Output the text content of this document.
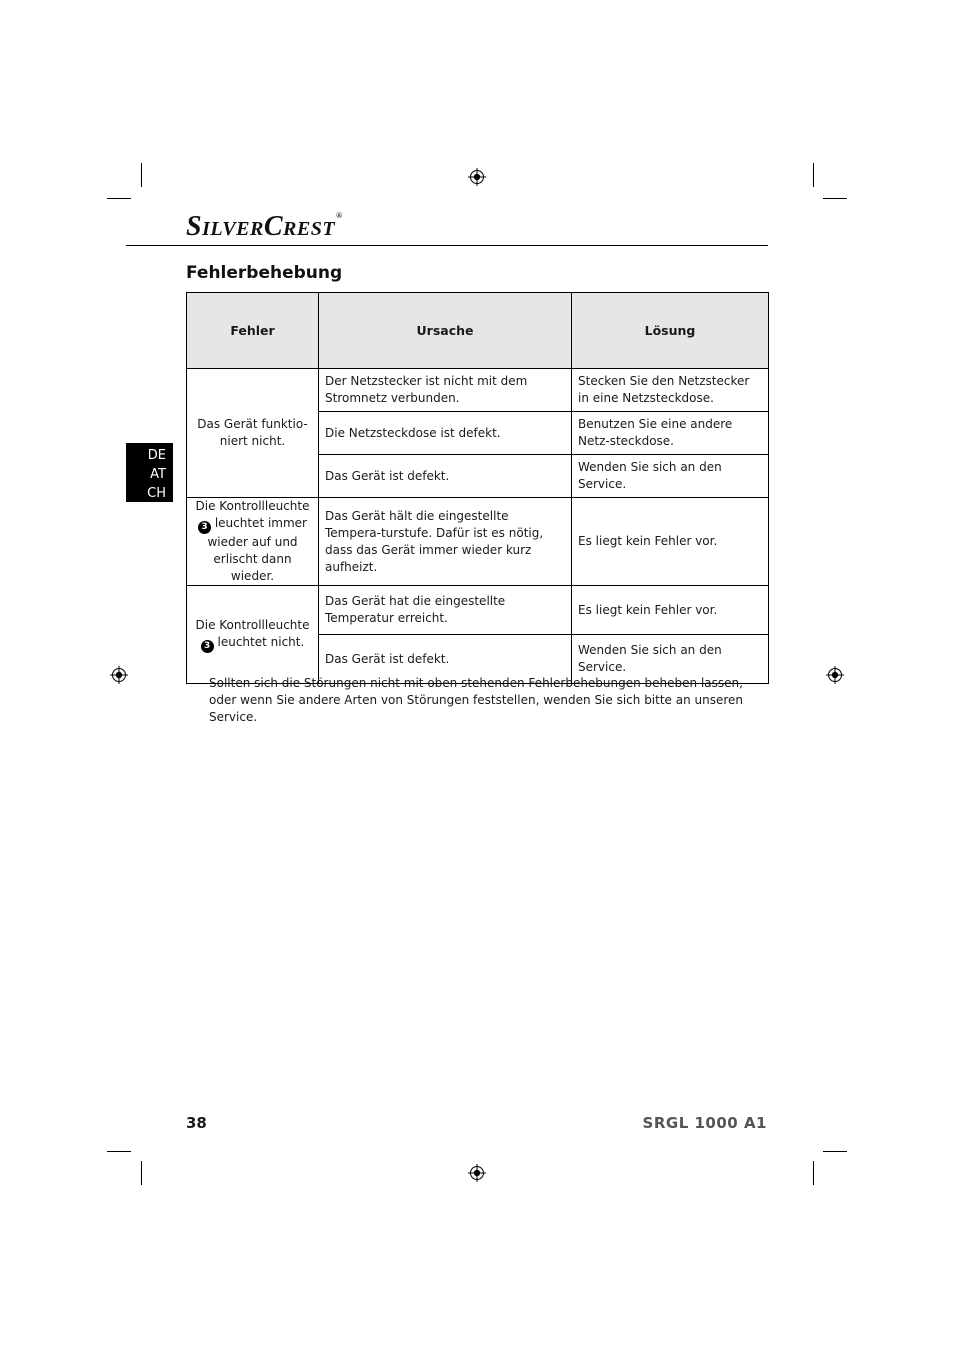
SILVERCREST®
Fehlerbehebung
DE
AT
CH
Fehler	Ursache	Lösung
Das Gerät funktio-niert nicht.	Der Netzstecker ist nicht mit dem Stromnetz verbunden.	Stecken Sie den Netzstecker in eine Netzsteckdose.
	Die Netzsteckdose ist defekt.	Benutzen Sie eine andere Netz-steckdose.
	Das Gerät ist defekt.	Wenden Sie sich an den Service.
Die Kontrollleuchte 3 leuchtet immer wieder auf und erlischt dann wieder.	Das Gerät hält die eingestellte Tempera-turstufe. Dafür ist es nötig, dass das Gerät immer wieder kurz aufheizt.	Es liegt kein Fehler vor.
Die Kontrollleuchte 3 leuchtet nicht.	Das Gerät hat die eingestellte Temperatur erreicht.	Es liegt kein Fehler vor.
	Das Gerät ist defekt.	Wenden Sie sich an den Service.

Sollten sich die Störungen nicht mit oben stehenden Fehlerbehebungen beheben lassen, oder wenn Sie andere Arten von Störungen feststellen, wenden Sie sich bitte an unseren Service.

38	SRGL 1000 A1
